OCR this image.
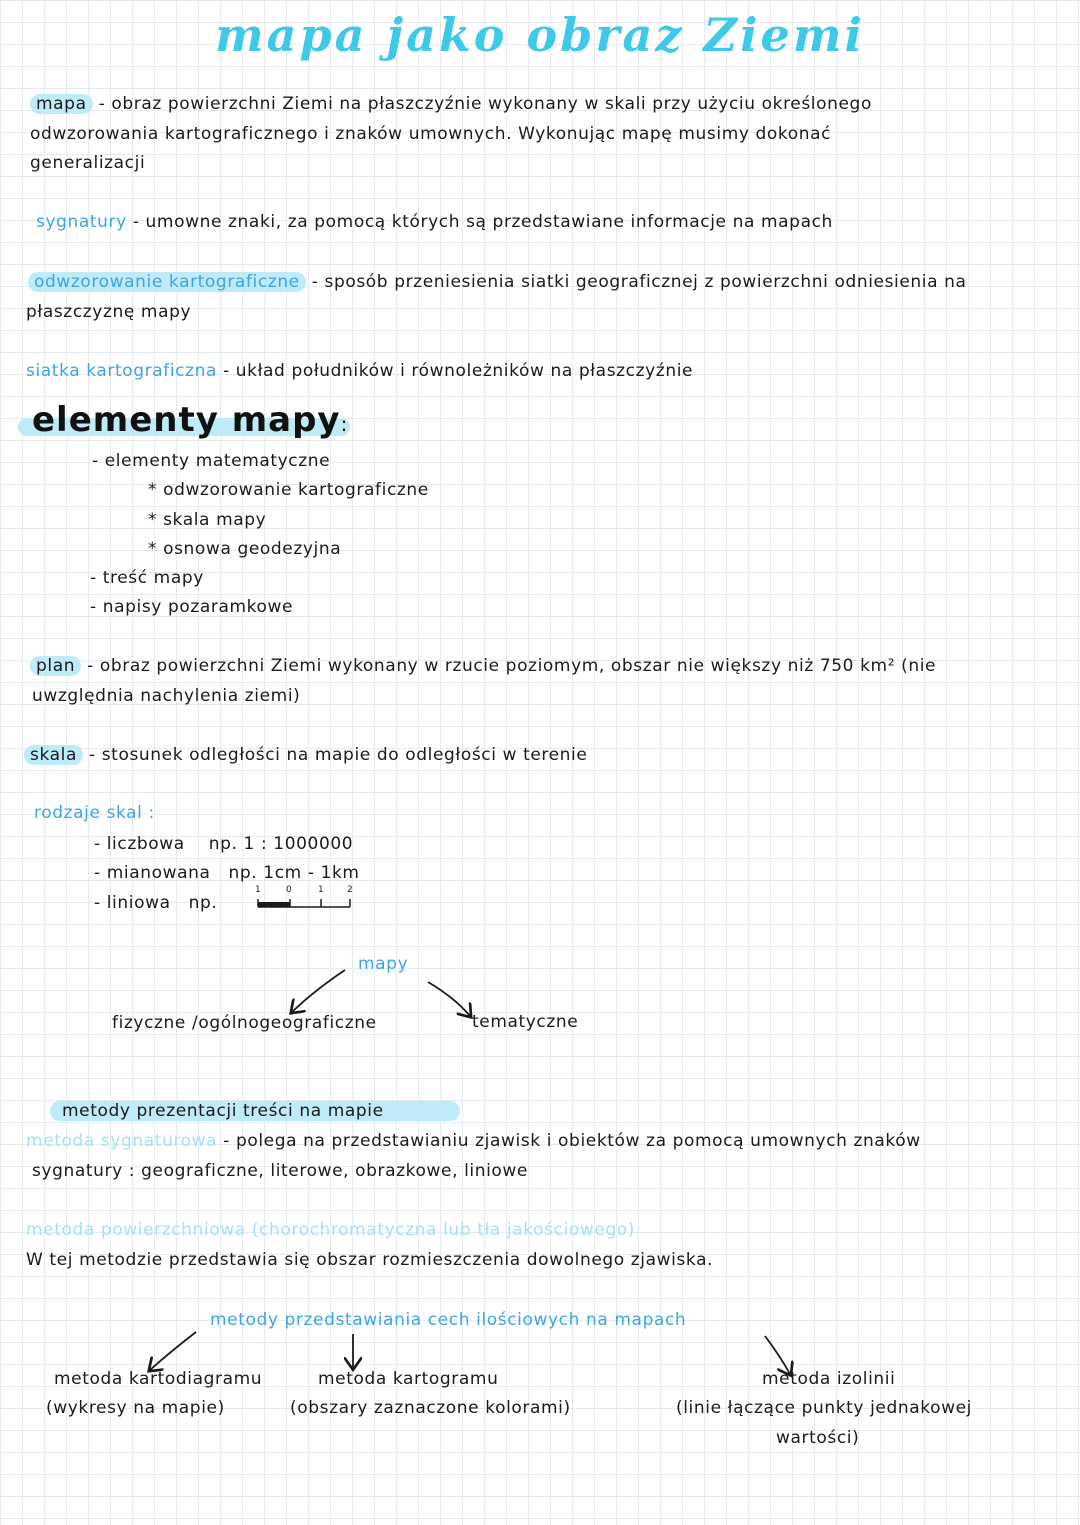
mapa jako obraz Ziemi
mapa - obraz powierzchni Ziemi na płaszczyźnie wykonany w skali przy użyciu określonego
odwzorowania kartograficznego i znaków umownych. Wykonując mapę musimy dokonać
generalizacji
sygnatury - umowne znaki, za pomocą których są przedstawiane informacje na mapach
odwzorowanie kartograficzne - sposób przeniesienia siatki geograficznej z powierzchni odniesienia na
płaszczyznę mapy
siatka kartograficzna - układ południków i równoleżników na płaszczyźnie
elementy mapy:
- elementy matematyczne
* odwzorowanie kartograficzne
* skala mapy
* osnowa geodezyjna
- treść mapy
- napisy pozaramkowe
plan - obraz powierzchni Ziemi wykonany w rzucie poziomym, obszar nie większy niż 750 km² (nie
uwzględnia nachylenia ziemi)
skala - stosunek odległości na mapie do odległości w terenie
rodzaje skal :
- liczbowa    np. 1 : 1000000
- mianowana   np. 1cm - 1km
- liniowa   np.
1	0	1	2
mapy
fizyczne /ogólnogeograficzne	tematyczne
metody prezentacji treści na mapie
metoda sygnaturowa - polega na przedstawianiu zjawisk i obiektów za pomocą umownych znaków
sygnatury : geograficzne, literowe, obrazkowe, liniowe
metoda powierzchniowa (chorochromatyczna lub tła jakościowego)
W tej metodzie przedstawia się obszar rozmieszczenia dowolnego zjawiska.
metody przedstawiania cech ilościowych na mapach
metoda kartodiagramu
(wykresy na mapie)
metoda kartogramu
(obszary zaznaczone kolorami)
metoda izolinii
(linie łączące punkty jednakowej
wartości)
